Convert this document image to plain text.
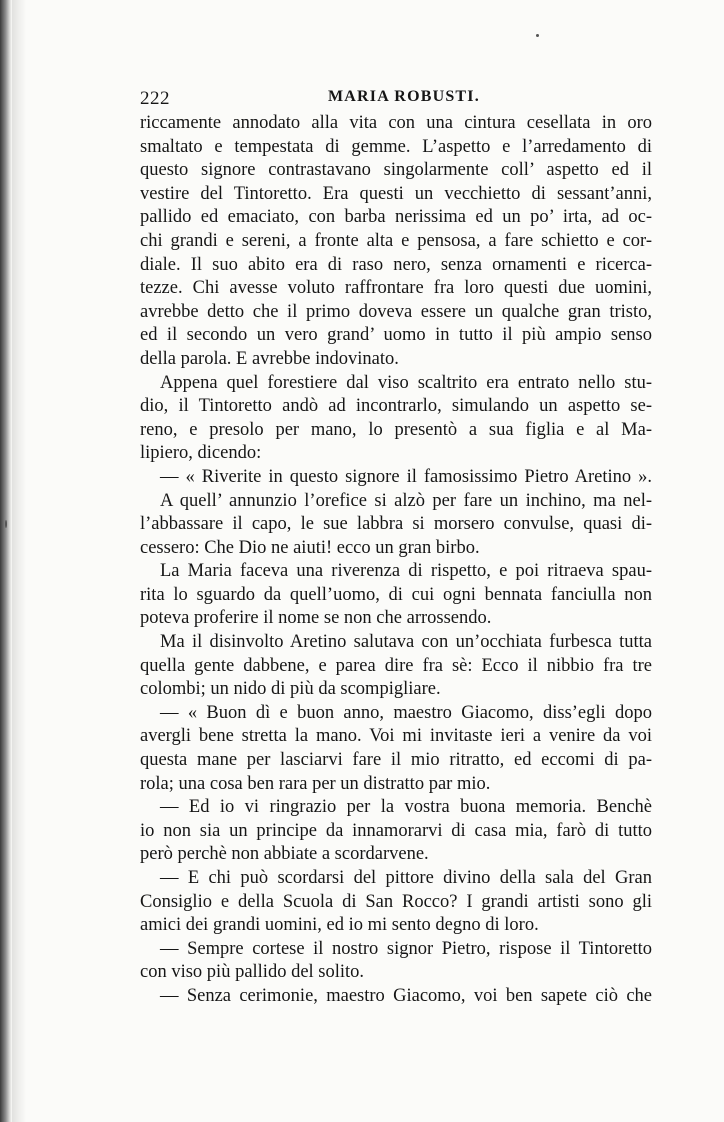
222	MARIA ROBUSTI.
riccamente annodato alla vita con una cintura cesellata in oro
smaltato e tempestata di gemme. L’aspetto e l’arredamento di
questo signore contrastavano singolarmente coll’ aspetto ed il
vestire del Tintoretto. Era questi un vecchietto di sessant’anni,
pallido ed emaciato, con barba nerissima ed un po’ irta, ad oc-
chi grandi e sereni, a fronte alta e pensosa, a fare schietto e cor-
diale. Il suo abito era di raso nero, senza ornamenti e ricerca-
tezze. Chi avesse voluto raffrontare fra loro questi due uomini,
avrebbe detto che il primo doveva essere un qualche gran tristo,
ed il secondo un vero grand’ uomo in tutto il più ampio senso
della parola. E avrebbe indovinato.
Appena quel forestiere dal viso scaltrito era entrato nello stu-
dio, il Tintoretto andò ad incontrarlo, simulando un aspetto se-
reno, e presolo per mano, lo presentò a sua figlia e al Ma-
lipiero, dicendo:
— « Riverite in questo signore il famosissimo Pietro Aretino ».
A quell’ annunzio l’orefice si alzò per fare un inchino, ma nel-
l’abbassare il capo, le sue labbra si morsero convulse, quasi di-
cessero: Che Dio ne aiuti! ecco un gran birbo.
La Maria faceva una riverenza di rispetto, e poi ritraeva spau-
rita lo sguardo da quell’uomo, di cui ogni bennata fanciulla non
poteva proferire il nome se non che arrossendo.
Ma il disinvolto Aretino salutava con un’occhiata furbesca tutta
quella gente dabbene, e parea dire fra sè: Ecco il nibbio fra tre
colombi; un nido di più da scompigliare.
— « Buon dì e buon anno, maestro Giacomo, diss’egli dopo
avergli bene stretta la mano. Voi mi invitaste ieri a venire da voi
questa mane per lasciarvi fare il mio ritratto, ed eccomi di pa-
rola; una cosa ben rara per un distratto par mio.
— Ed io vi ringrazio per la vostra buona memoria. Benchè
io non sia un principe da innamorarvi di casa mia, farò di tutto
però perchè non abbiate a scordarvene.
— E chi può scordarsi del pittore divino della sala del Gran
Consiglio e della Scuola di San Rocco? I grandi artisti sono gli
amici dei grandi uomini, ed io mi sento degno di loro.
— Sempre cortese il nostro signor Pietro, rispose il Tintoretto
con viso più pallido del solito.
— Senza cerimonie, maestro Giacomo, voi ben sapete ciò che
